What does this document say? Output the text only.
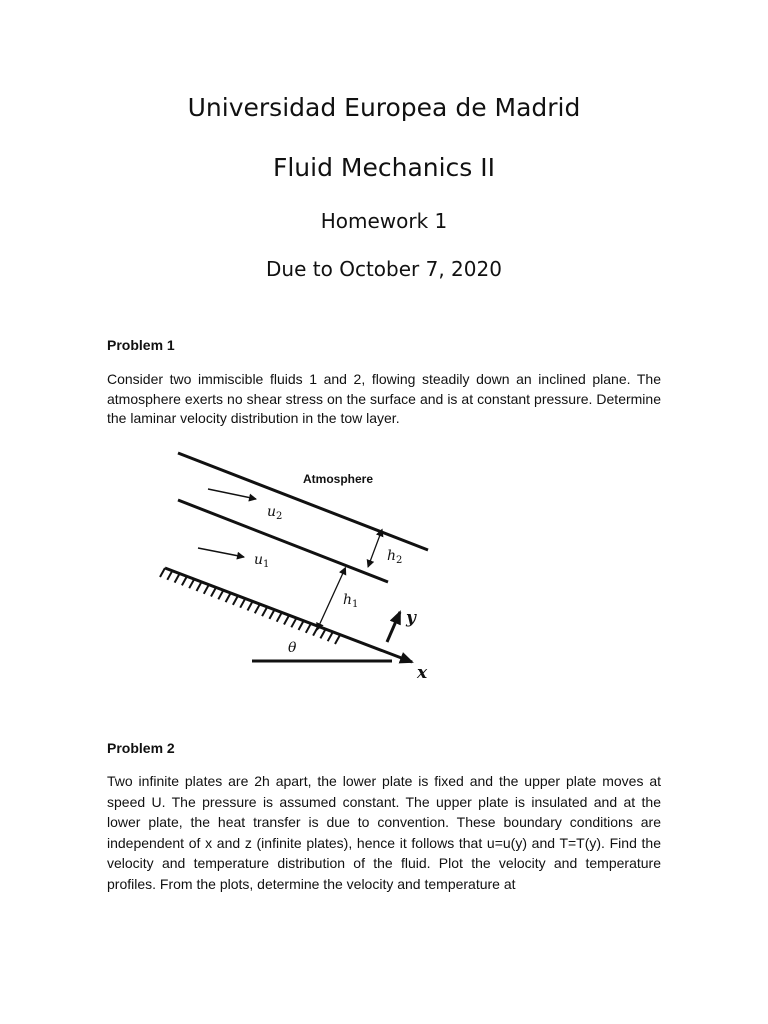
Universidad Europea de Madrid
Fluid Mechanics II
Homework 1
Due to October 7, 2020
Problem 1
Consider two immiscible fluids 1 and 2, flowing steadily down an inclined plane. The atmosphere exerts no shear stress on the surface and is at constant pressure. Determine the laminar velocity distribution in the tow layer.
Atmosphere
$u_2$
$u_1$
$h_2$
$h_1$
θ
y
x
Problem 2
Two infinite plates are 2h apart, the lower plate is fixed and the upper plate moves at speed U. The pressure is assumed constant. The upper plate is insulated and at the lower plate, the heat transfer is due to convention. These boundary conditions are independent of x and z (infinite plates), hence it follows that u=u(y) and T=T(y). Find the velocity and temperature distribution of the fluid. Plot the velocity and temperature profiles. From the plots, determine the velocity and temperature at
